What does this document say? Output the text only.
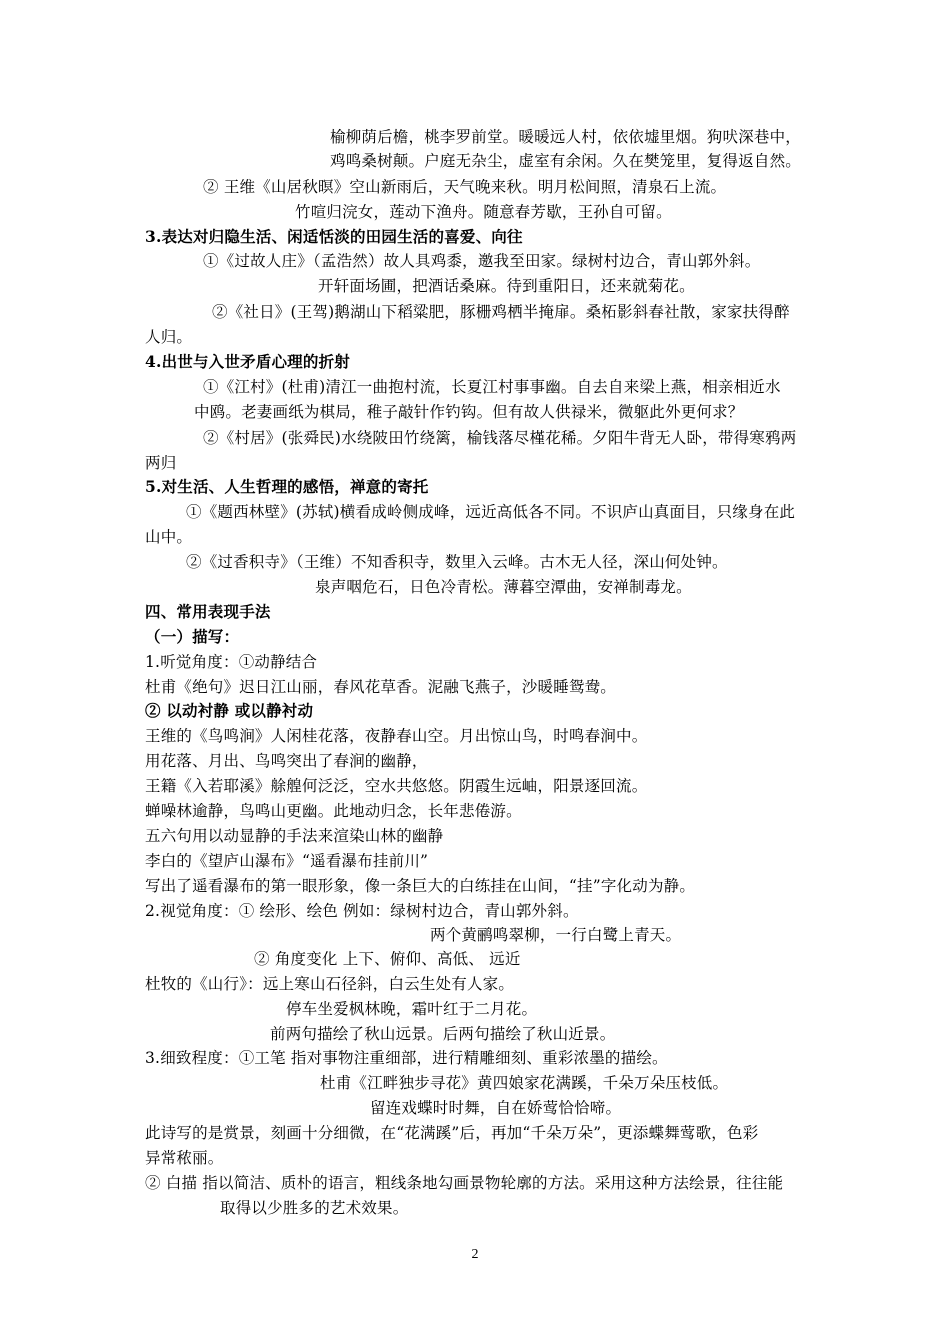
榆柳荫后檐，桃李罗前堂。暖暖远人村，依依墟里烟。狗吠深巷中，
鸡鸣桑树颠。户庭无杂尘，虚室有余闲。久在樊笼里，复得返自然。
② 王维《山居秋暝》空山新雨后，天气晚来秋。明月松间照，清泉石上流。
竹喧归浣女，莲动下渔舟。随意春芳歇，王孙自可留。
3.表达对归隐生活、闲适恬淡的田园生活的喜爱、向往
①《过故人庄》（孟浩然）故人具鸡黍，邀我至田家。绿树村边合，青山郭外斜。
开轩面场圃，把酒话桑麻。待到重阳日，还来就菊花。
②《社日》(王驾)鹅湖山下稻粱肥，豚栅鸡栖半掩扉。桑柘影斜春社散，家家扶得醉
人归。
4.出世与入世矛盾心理的折射
①《江村》(杜甫)清江一曲抱村流，长夏江村事事幽。自去自来梁上燕，相亲相近水
中鸥。老妻画纸为棋局，稚子敲针作钓钩。但有故人供禄米，微躯此外更何求？
②《村居》(张舜民)水绕陂田竹绕篱，榆钱落尽槿花稀。夕阳牛背无人卧，带得寒鸦两
两归
5.对生活、人生哲理的感悟，禅意的寄托
①《题西林壁》(苏轼)横看成岭侧成峰，远近高低各不同。不识庐山真面目，只缘身在此
山中。
②《过香积寺》（王维）不知香积寺，数里入云峰。古木无人径，深山何处钟。
泉声咽危石，日色冷青松。薄暮空潭曲，安禅制毒龙。
四、常用表现手法
（一）描写：
1.听觉角度：①动静结合
杜甫《绝句》迟日江山丽，春风花草香。泥融飞燕子，沙暖睡鸳鸯。
② 以动衬静 或以静衬动
王维的《鸟鸣涧》人闲桂花落，夜静春山空。月出惊山鸟，时鸣春涧中。
用花落、月出、鸟鸣突出了春涧的幽静，
王籍《入若耶溪》艅艎何泛泛，空水共悠悠。阴霞生远岫，阳景逐回流。
蝉噪林逾静，鸟鸣山更幽。此地动归念，长年悲倦游。
五六句用以动显静的手法来渲染山林的幽静
李白的《望庐山瀑布》“遥看瀑布挂前川”
写出了遥看瀑布的第一眼形象，像一条巨大的白练挂在山间，“挂”字化动为静。
2.视觉角度：① 绘形、绘色 例如：绿树村边合，青山郭外斜。
两个黄鹂鸣翠柳，一行白鹭上青天。
② 角度变化 上下、俯仰、高低、 远近
杜牧的《山行》：远上寒山石径斜，白云生处有人家。
停车坐爱枫林晚，霜叶红于二月花。
前两句描绘了秋山远景。后两句描绘了秋山近景。
3.细致程度：①工笔 指对事物注重细部，进行精雕细刻、重彩浓墨的描绘。
杜甫《江畔独步寻花》黄四娘家花满蹊，千朵万朵压枝低。
留连戏蝶时时舞，自在娇莺恰恰啼。
此诗写的是赏景，刻画十分细微，在“花满蹊”后，再加“千朵万朵”，更添蝶舞莺歌，色彩
异常秾丽。
② 白描 指以简洁、质朴的语言，粗线条地勾画景物轮廓的方法。采用这种方法绘景，往往能
取得以少胜多的艺术效果。
2
